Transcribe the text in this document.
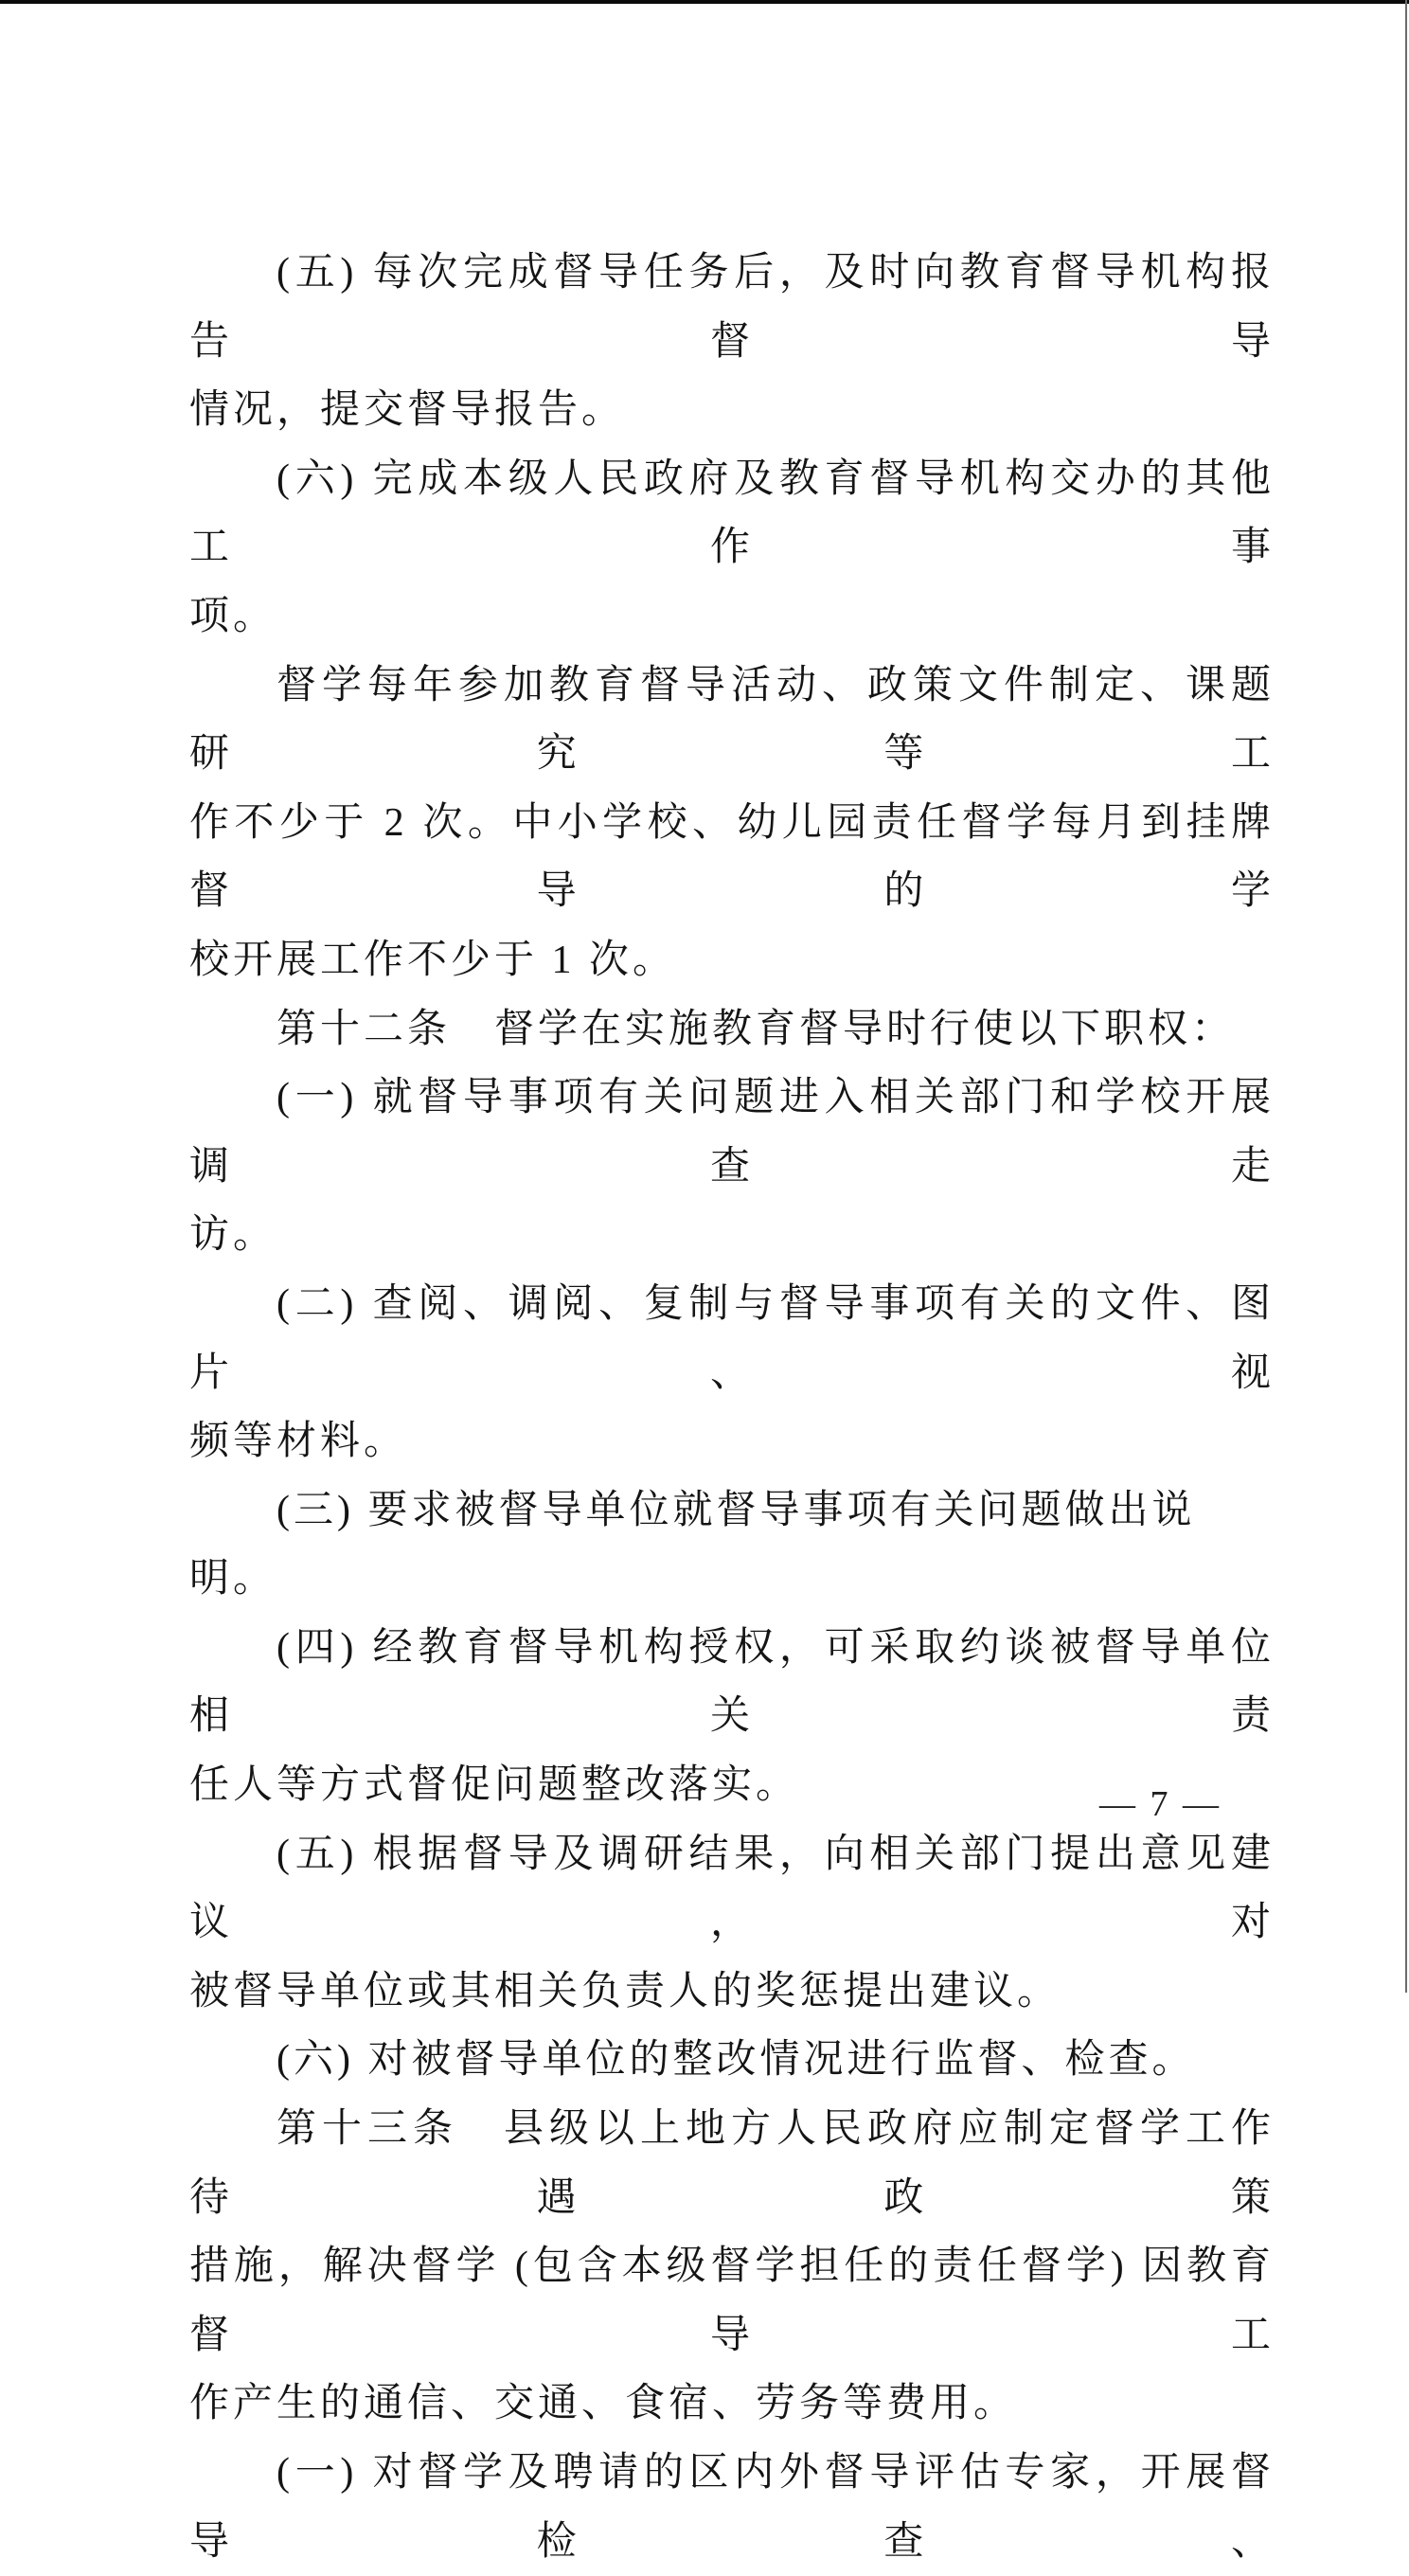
(五) 每次完成督导任务后，及时向教育督导机构报告督导
情况，提交督导报告。
(六) 完成本级人民政府及教育督导机构交办的其他工作事
项。
督学每年参加教育督导活动、政策文件制定、课题研究等工
作不少于 2 次。中小学校、幼儿园责任督学每月到挂牌督导的学
校开展工作不少于 1 次。
第十二条　督学在实施教育督导时行使以下职权：
(一) 就督导事项有关问题进入相关部门和学校开展调查走
访。
(二) 查阅、调阅、复制与督导事项有关的文件、图片、视
频等材料。
(三) 要求被督导单位就督导事项有关问题做出说明。
(四) 经教育督导机构授权，可采取约谈被督导单位相关责
任人等方式督促问题整改落实。
(五) 根据督导及调研结果，向相关部门提出意见建议，对
被督导单位或其相关负责人的奖惩提出建议。
(六) 对被督导单位的整改情况进行监督、检查。
第十三条　县级以上地方人民政府应制定督学工作待遇政策
措施，解决督学 (包含本级督学担任的责任督学) 因教育督导工
作产生的通信、交通、食宿、劳务等费用。
(一) 对督学及聘请的区内外督导评估专家，开展督导检查、
— 7 —
